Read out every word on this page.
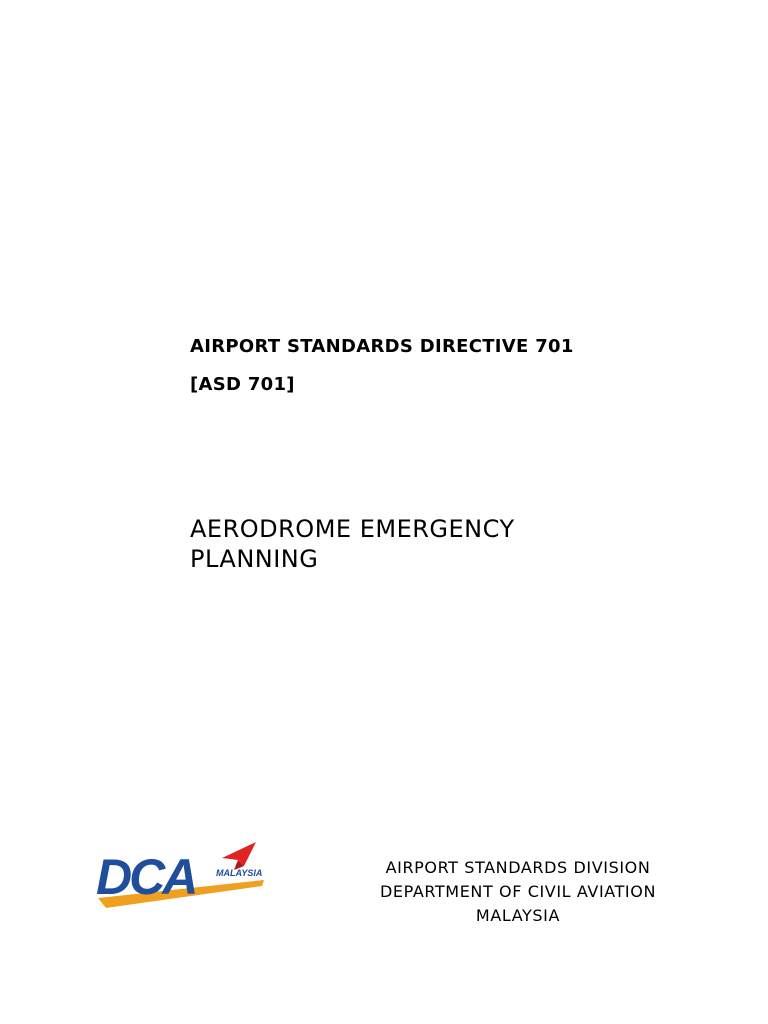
AIRPORT STANDARDS DIRECTIVE 701
[ASD 701]
AERODROME EMERGENCY
PLANNING
DCA MALAYSIA	AIRPORT STANDARDS DIVISION
DEPARTMENT OF CIVIL AVIATION
MALAYSIA
